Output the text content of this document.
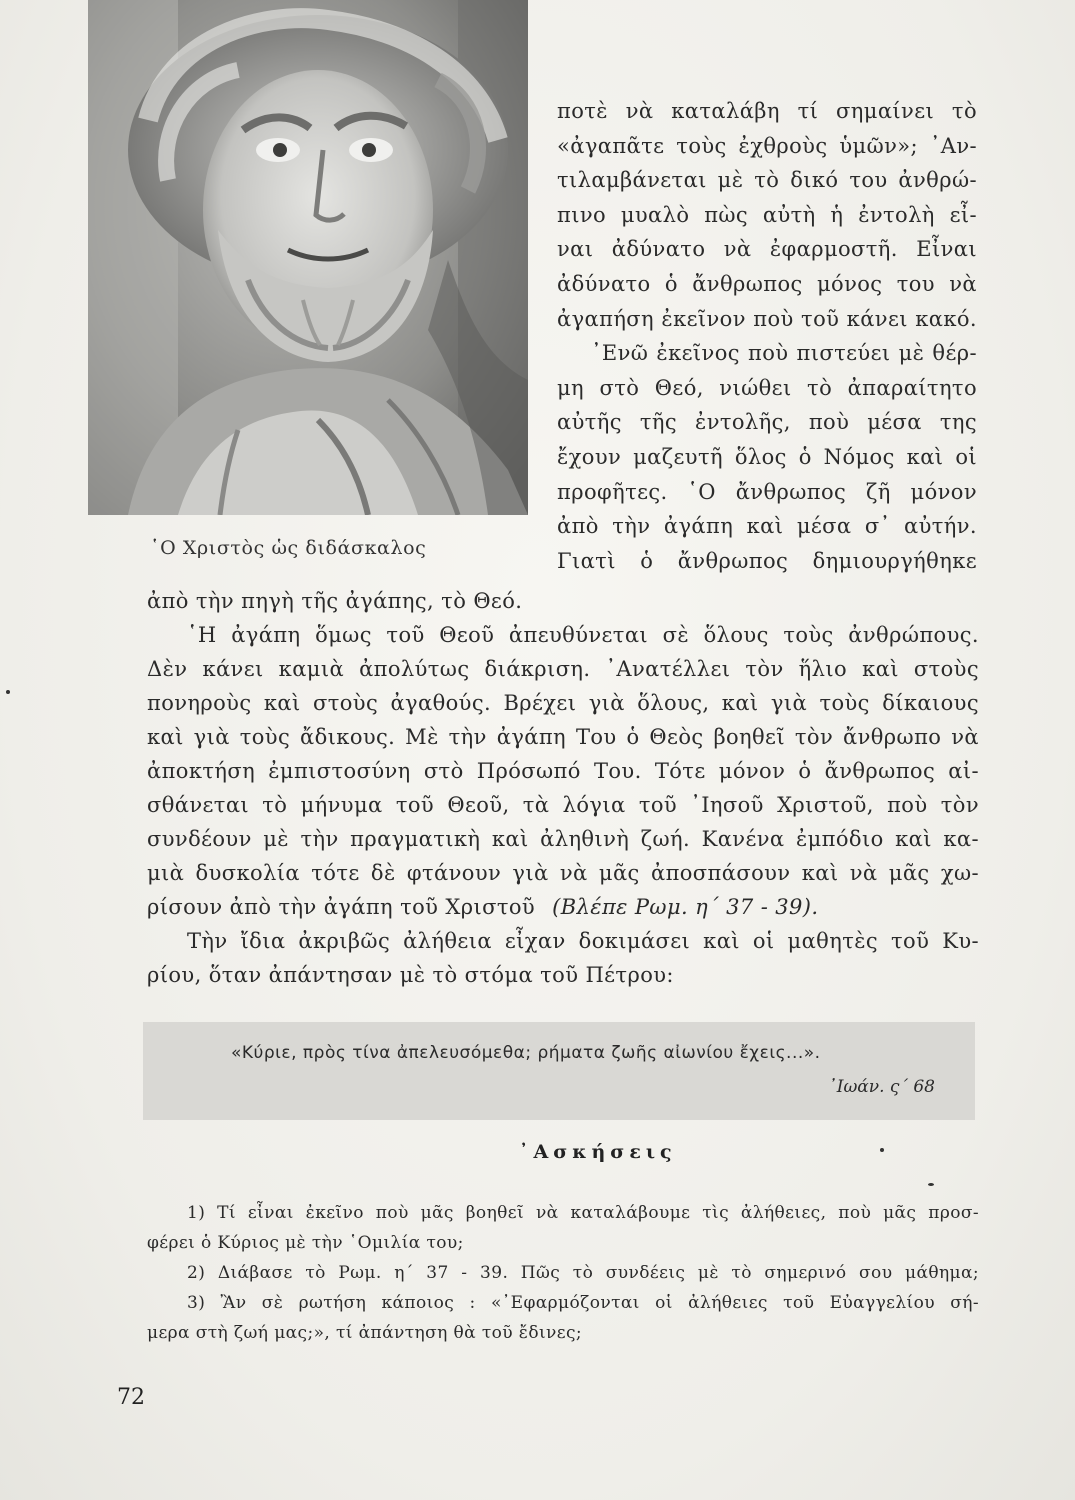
῾Ο Χριστὸς ὡς διδάσκαλος
ποτὲ νὰ καταλάβη τί σημαίνει τὸ
«ἀγαπᾶτε τοὺς ἐχθροὺς ὑμῶν»; ᾿Αν-
τιλαμβάνεται μὲ τὸ δικό του ἀνθρώ-
πινο μυαλὸ πὼς αὐτὴ ἡ ἐντολὴ εἶ-
ναι ἀδύνατο νὰ ἐφαρμοστῆ. Εἶναι
ἀδύνατο ὁ ἄνθρωπος μόνος του νὰ
ἀγαπήση ἐκεῖνον ποὺ τοῦ κάνει κακό.
᾿Ενῶ ἐκεῖνος ποὺ πιστεύει μὲ θέρ-
μη στὸ Θεό, νιώθει τὸ ἀπαραίτητο
αὐτῆς τῆς ἐντολῆς, ποὺ μέσα της
ἔχουν μαζευτῆ ὅλος ὁ Νόμος καὶ οἱ
προφῆτες. ῾Ο ἄνθρωπος ζῆ μόνον
ἀπὸ τὴν ἀγάπη καὶ μέσα σ᾿ αὐτήν.
Γιατὶ ὁ ἄνθρωπος δημιουργήθηκε
ἀπὸ τὴν πηγὴ τῆς ἀγάπης, τὸ Θεό.
῾Η ἀγάπη ὅμως τοῦ Θεοῦ ἀπευθύνεται σὲ ὅλους τοὺς ἀνθρώπους.
Δὲν κάνει καμιὰ ἀπολύτως διάκριση. ᾿Ανατέλλει τὸν ἥλιο καὶ στοὺς
πονηροὺς καὶ στοὺς ἀγαθούς. Βρέχει γιὰ ὅλους, καὶ γιὰ τοὺς δίκαιους
καὶ γιὰ τοὺς ἄδικους. Μὲ τὴν ἀγάπη Του ὁ Θεὸς βοηθεῖ τὸν ἄνθρωπο νὰ
ἀποκτήση ἐμπιστοσύνη στὸ Πρόσωπό Του. Τότε μόνον ὁ ἄνθρωπος αἰ-
σθάνεται τὸ μήνυμα τοῦ Θεοῦ, τὰ λόγια τοῦ ᾿Ιησοῦ Χριστοῦ, ποὺ τὸν
συνδέουν μὲ τὴν πραγματικὴ καὶ ἀληθινὴ ζωή. Κανένα ἐμπόδιο καὶ κα-
μιὰ δυσκολία τότε δὲ φτάνουν γιὰ νὰ μᾶς ἀποσπάσουν καὶ νὰ μᾶς χω-
ρίσουν ἀπὸ τὴν ἀγάπη τοῦ Χριστοῦ (Βλέπε Ρωμ. η΄ 37 - 39).
Τὴν ἴδια ἀκριβῶς ἀλήθεια εἶχαν δοκιμάσει καὶ οἱ μαθητὲς τοῦ Κυ-
ρίου, ὅταν ἀπάντησαν μὲ τὸ στόμα τοῦ Πέτρου:
«Κύριε, πρὸς τίνα ἀπελευσόμεθα; ρήματα ζωῆς αἰωνίου ἔχεις...».
᾿Ιωάν. ς΄ 68
᾿Ασκήσεις
1) Τί εἶναι ἐκεῖνο ποὺ μᾶς βοηθεῖ νὰ καταλάβουμε τὶς ἀλήθειες, ποὺ μᾶς προσ-
φέρει ὁ Κύριος μὲ τὴν ῾Ομιλία του;
2) Διάβασε τὸ Ρωμ. η΄ 37 - 39. Πῶς τὸ συνδέεις μὲ τὸ σημερινό σου μάθημα;
3) Ἂν σὲ ρωτήση κάποιος : «᾿Εφαρμόζονται οἱ ἀλήθειες τοῦ Εὐαγγελίου σή-
μερα στὴ ζωή μας;», τί ἀπάντηση θὰ τοῦ ἔδινες;
72
